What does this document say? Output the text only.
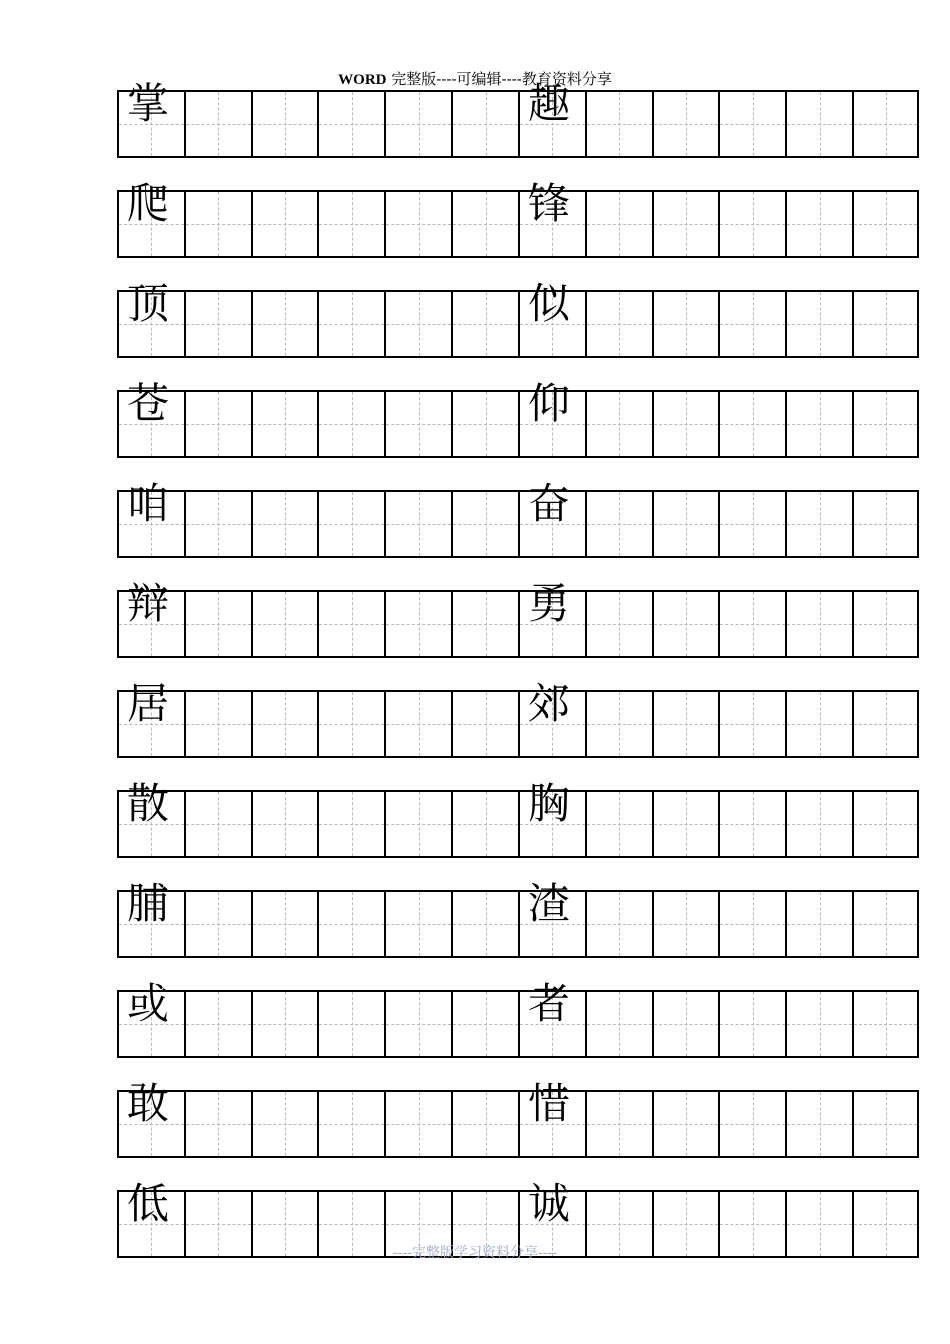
WORD 完整版----可编辑----教育资料分享
掌	趣
爬	锋
顶	似
苍	仰
咱	奋
辩	勇
居	郊
散	胸
脯	渣
或	者
敢	惜
低	诚
----完整版学习资料分享----
